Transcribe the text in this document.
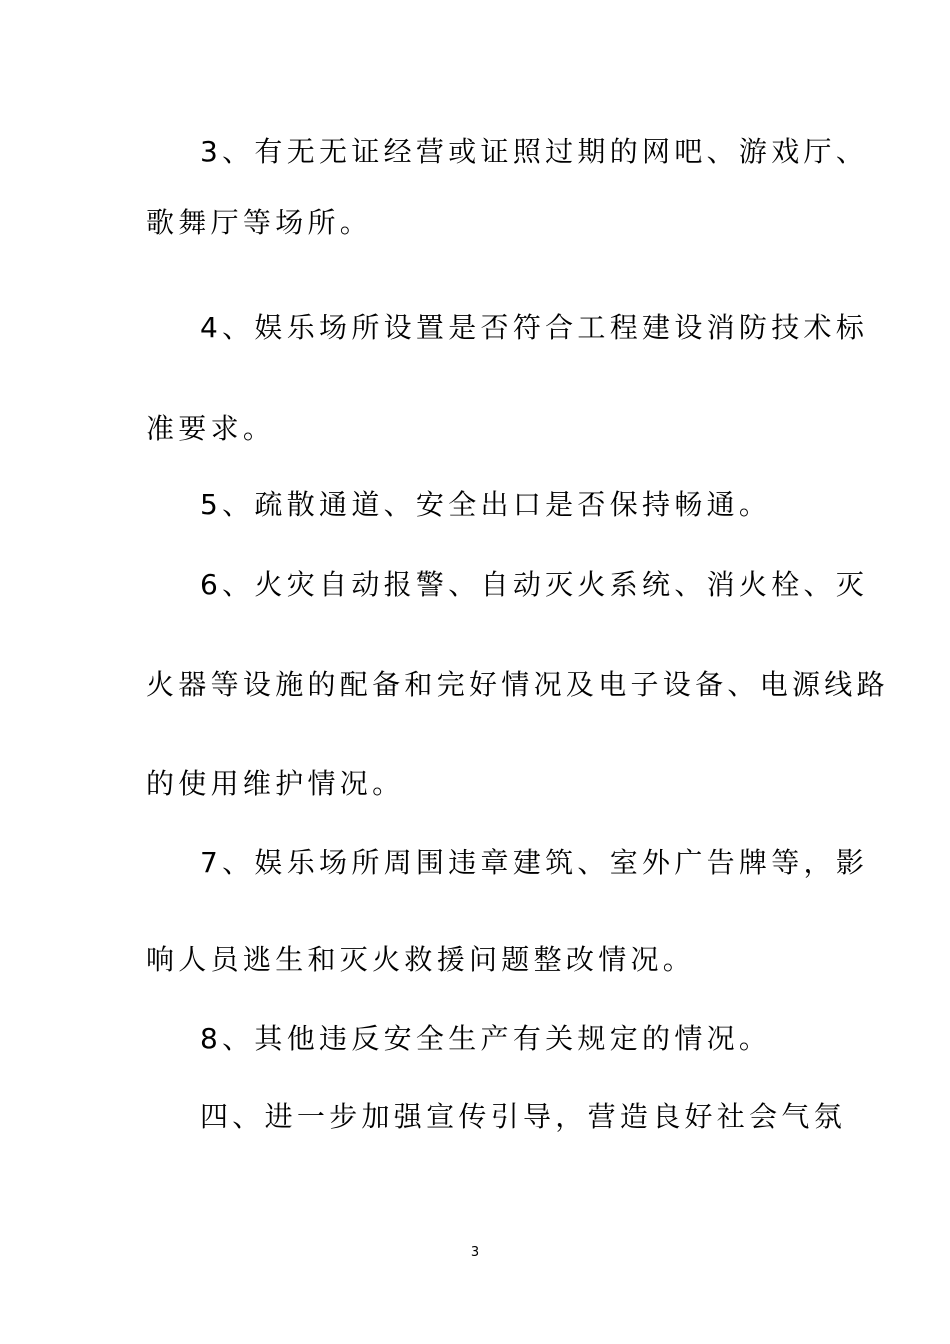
3、有无无证经营或证照过期的网吧、游戏厅、
歌舞厅等场所。
4、娱乐场所设置是否符合工程建设消防技术标
准要求。
5、疏散通道、安全出口是否保持畅通。
6、火灾自动报警、自动灭火系统、消火栓、灭
火器等设施的配备和完好情况及电子设备、电源线路
的使用维护情况。
7、娱乐场所周围违章建筑、室外广告牌等，影
响人员逃生和灭火救援问题整改情况。
8、其他违反安全生产有关规定的情况。
四、进一步加强宣传引导，营造良好社会气氛
3
